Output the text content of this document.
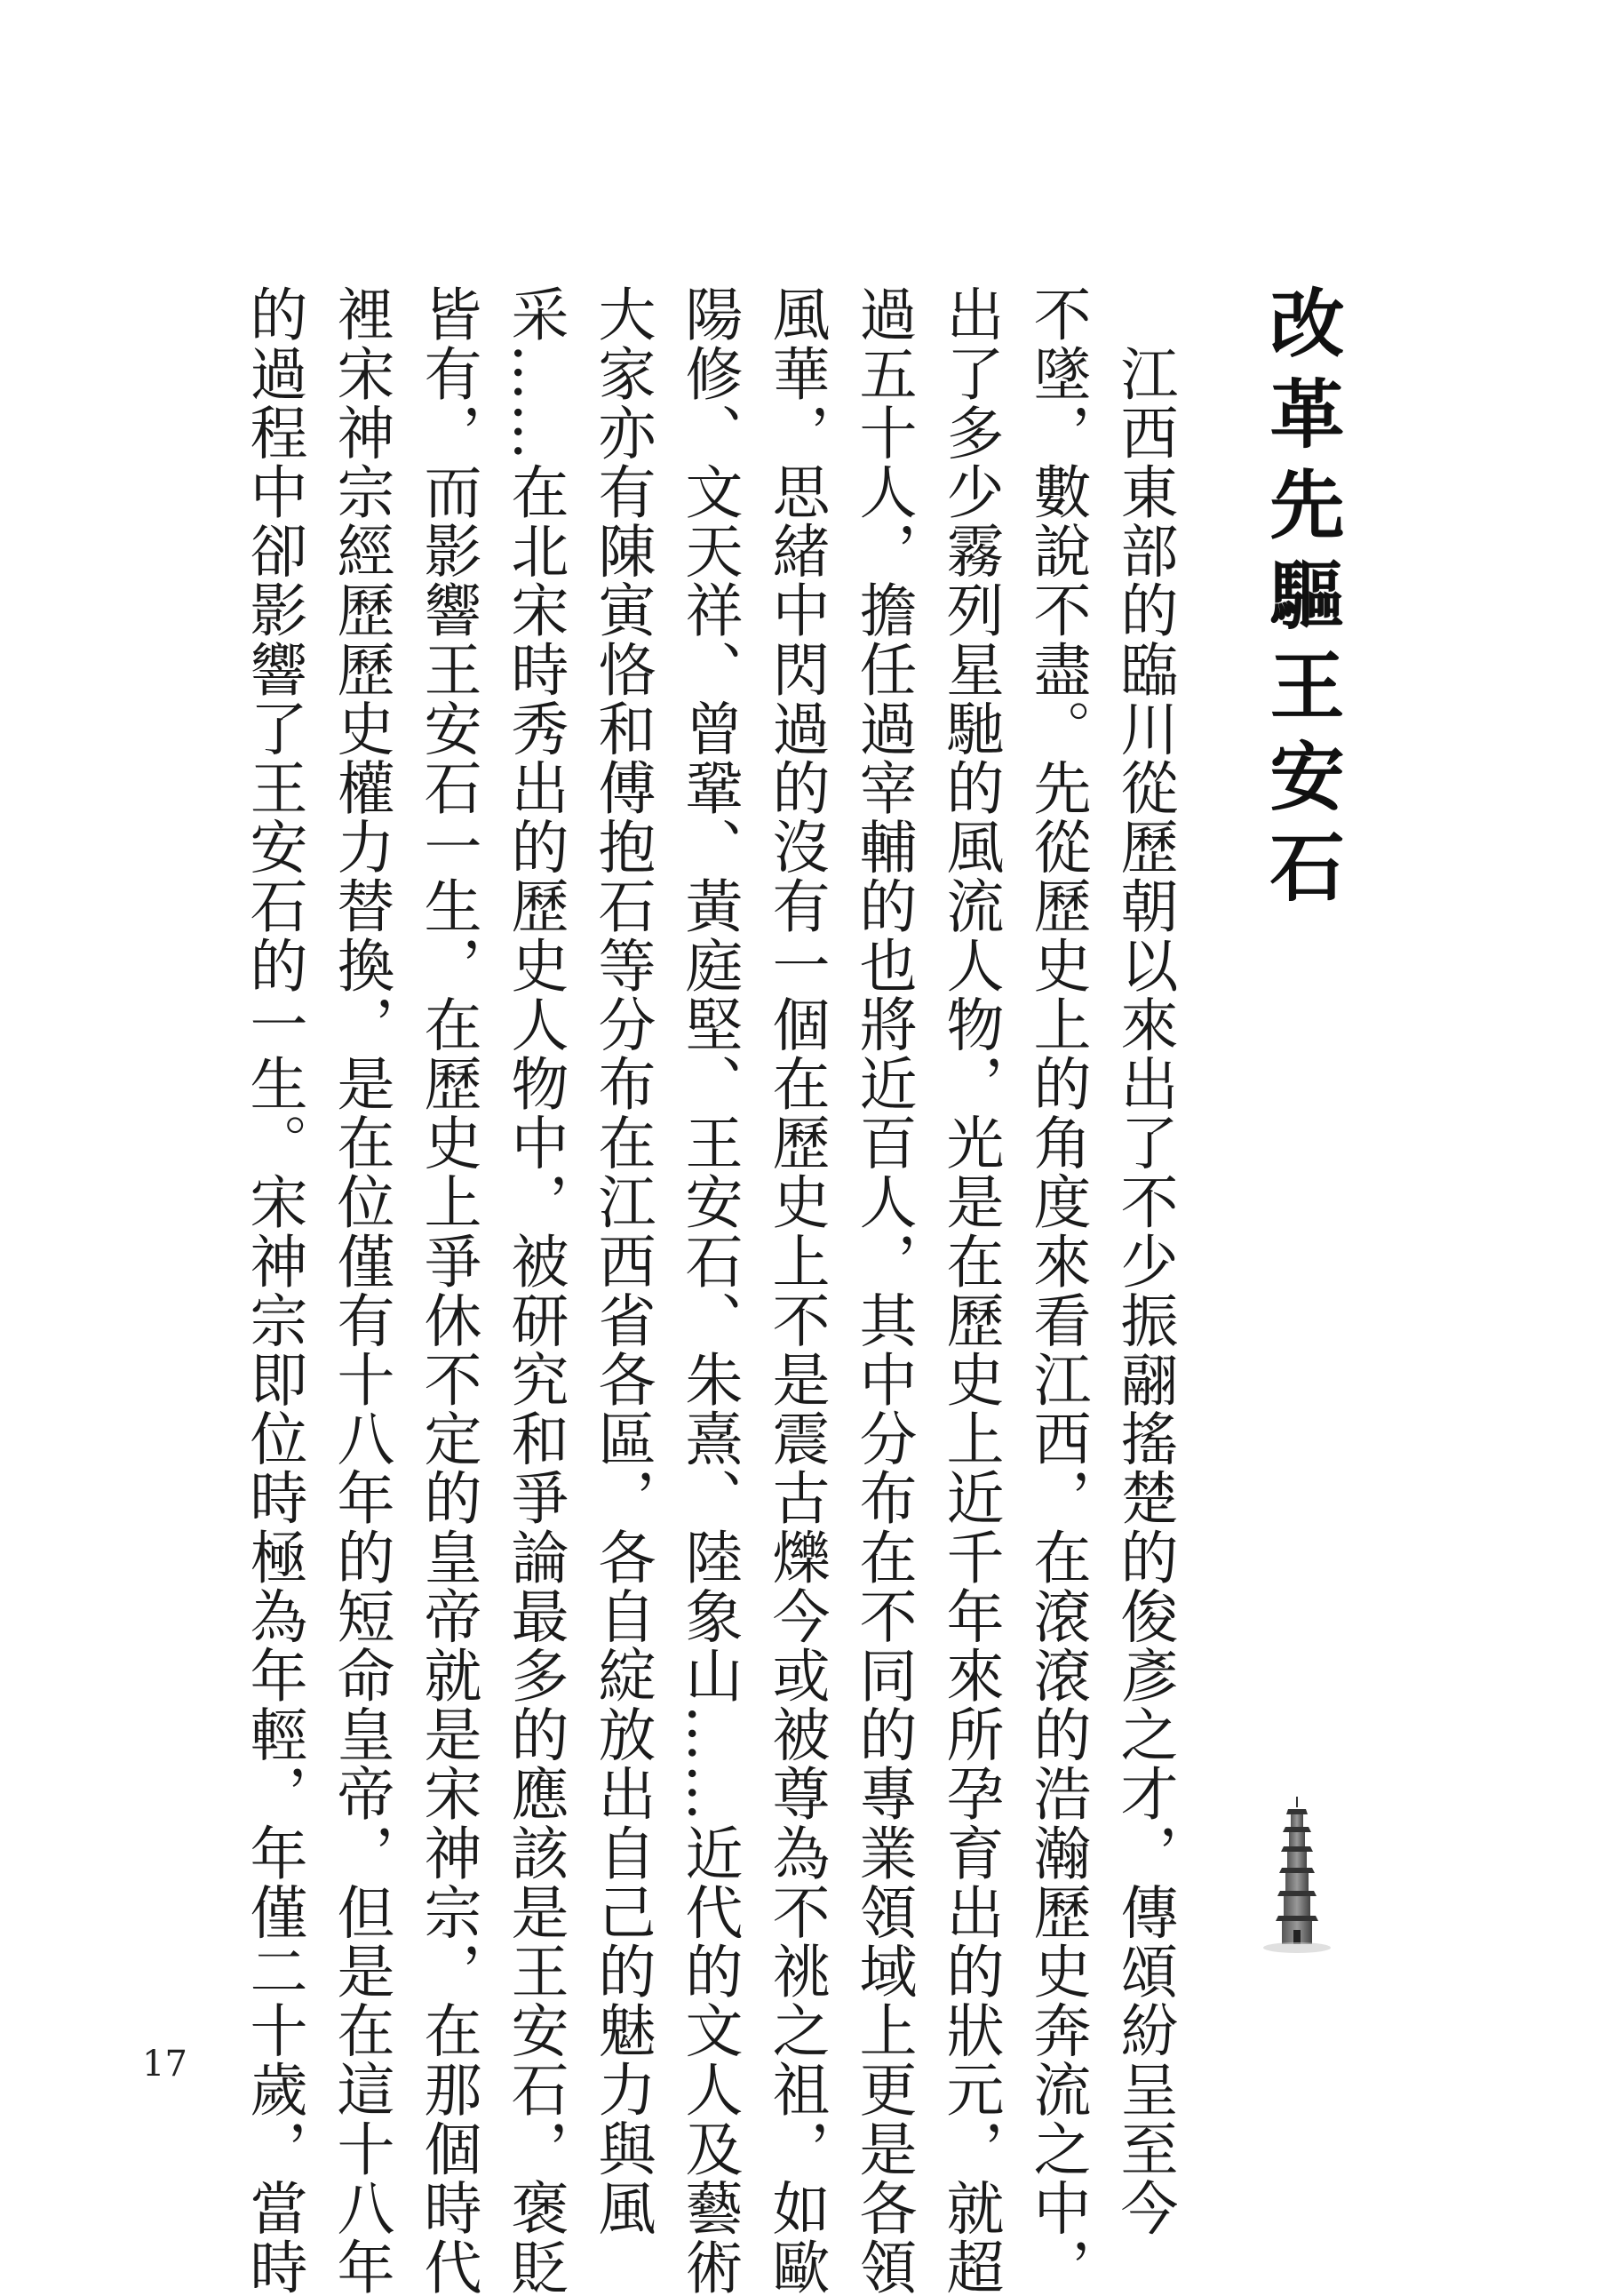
改革先驅王安石
　江西東部的臨川從歷朝以來出了不少振翮搖楚的俊彥之才，傳頌紛呈至今
不墜，數說不盡。先從歷史上的角度來看江西，在滾滾的浩瀚歷史奔流之中，
出了多少霧列星馳的風流人物，光是在歷史上近千年來所孕育出的狀元，就超
過五十人，擔任過宰輔的也將近百人，其中分布在不同的專業領域上更是各領
風華，思緒中閃過的沒有一個在歷史上不是震古爍今或被尊為不祧之祖，如歐
陽修、文天祥、曾鞏、黃庭堅、王安石、朱熹、陸象山……近代的文人及藝術
大家亦有陳寅恪和傅抱石等分布在江西省各區，各自綻放出自己的魅力與風
采……在北宋時秀出的歷史人物中，被研究和爭論最多的應該是王安石，褒貶
皆有，而影響王安石一生，在歷史上爭休不定的皇帝就是宋神宗，在那個時代
裡宋神宗經歷歷史權力替換，是在位僅有十八年的短命皇帝，但是在這十八年
的過程中卻影響了王安石的一生。宋神宗即位時極為年輕，年僅二十歲，當時
17
